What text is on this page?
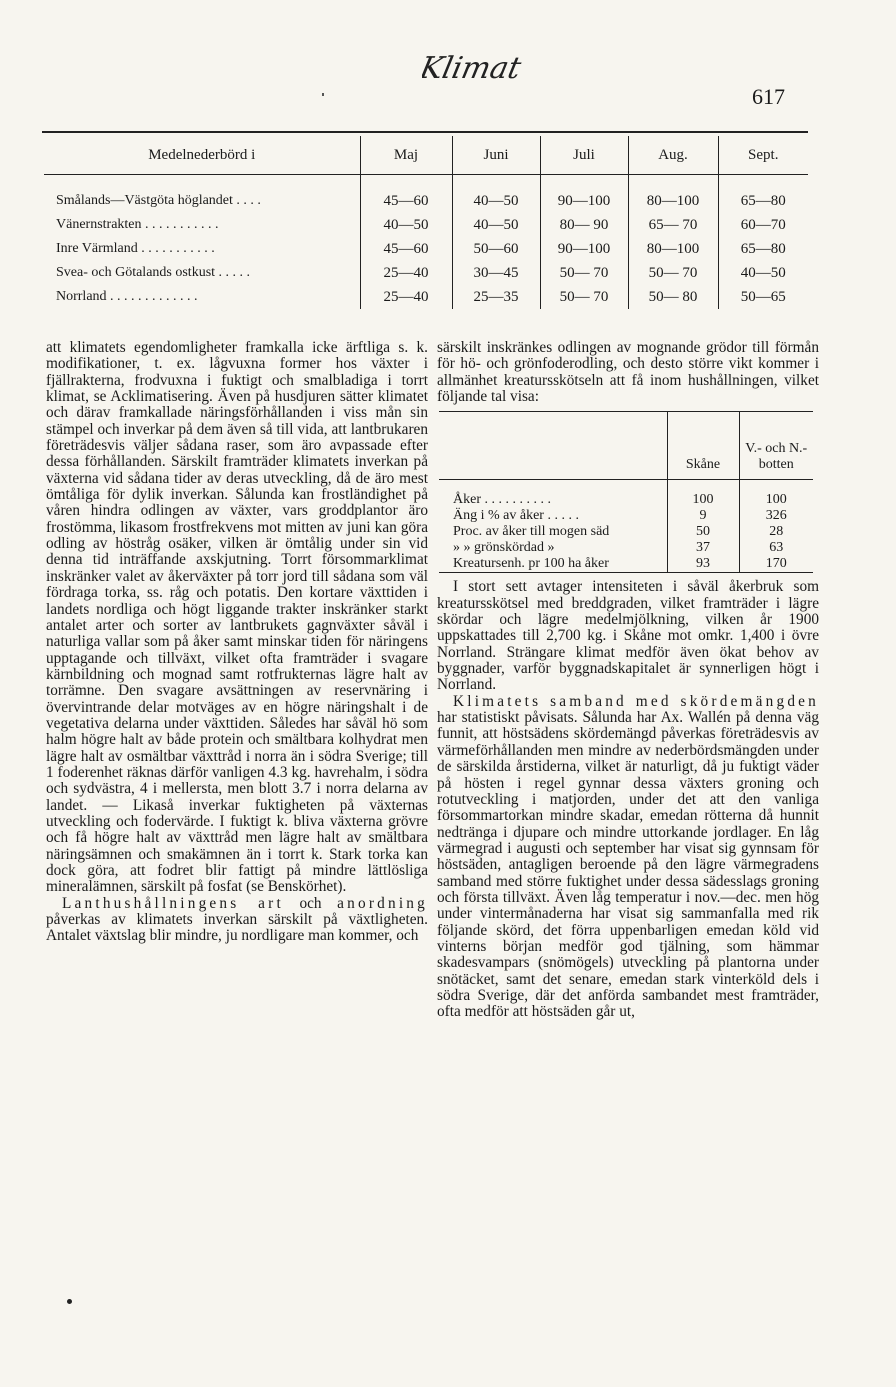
Klimat
617
Medelnederbörd i	Maj	Juni	Juli	Aug.	Sept.
Smålands—Västgöta höglandet . . . .	45—60	40—50	90—100	80—100	65—80
Vänernstrakten . . . . . . . . . . .	40—50	40—50	80— 90	65— 70	60—70
Inre Värmland . . . . . . . . . . .	45—60	50—60	90—100	80—100	65—80
Svea- och Götalands ostkust . . . . .	25—40	30—45	50— 70	50— 70	40—50
Norrland . . . . . . . . . . . . .	25—40	25—35	50— 70	50— 80	50—65

att klimatets egendomligheter framkalla icke ärftliga s. k. modifikationer, t. ex. lågvuxna former hos växter i fjällrakterna, frodvuxna i fuktigt och smalbladiga i torrt klimat, se Acklimatisering. Även på husdjuren sätter klimatet och därav framkallade näringsförhållanden i viss mån sin stämpel och inverkar på dem även så till vida, att lantbrukaren företrädesvis väljer sådana raser, som äro avpassade efter dessa förhållanden. Särskilt framträder klimatets inverkan på växterna vid sådana tider av deras utveckling, då de äro mest ömtåliga för dylik inverkan. Sålunda kan frostländighet på våren hindra odlingen av växter, vars groddplantor äro frostömma, likasom frostfrekvens mot mitten av juni kan göra odling av höstråg osäker, vilken är ömtålig under sin vid denna tid inträffande axskjutning. Torrt försommarklimat inskränker valet av åkerväxter på torr jord till sådana som väl fördraga torka, ss. råg och potatis. Den kortare växttiden i landets nordliga och högt liggande trakter inskränker starkt antalet arter och sorter av lantbrukets gagnväxter såväl i naturliga vallar som på åker samt minskar tiden för näringens upptagande och tillväxt, vilket ofta framträder i svagare kärnbildning och mognad samt rotfrukternas lägre halt av torrämne. Den svagare avsättningen av reservnäring i övervintrande delar motväges av en högre näringshalt i de vegetativa delarna under växttiden. Således har såväl hö som halm högre halt av både protein och smältbara kolhydrat men lägre halt av osmältbar växttråd i norra än i södra Sverige; till 1 foderenhet räknas därför vanligen 4.3 kg. havrehalm, i södra och sydvästra, 4 i mellersta, men blott 3.7 i norra delarna av landet. — Likaså inverkar fuktigheten på växternas utveckling och fodervärde. I fuktigt k. bliva växterna grövre och få högre halt av växttråd men lägre halt av smältbara näringsämnen och smakämnen än i torrt k. Stark torka kan dock göra, att fodret blir fattigt på mindre lättlösliga mineralämnen, särskilt på fosfat (se Benskörhet).

Lanthushållningens art och anordning påverkas av klimatets inverkan särskilt på växtligheten. Antalet växtslag blir mindre, ju nordligare man kommer, och

särskilt inskränkes odlingen av mognande grödor till förmån för hö- och grönfoderodling, och desto större vikt kommer i allmänhet kreatursskötseln att få inom hushållningen, vilket följande tal visa:

	Skåne	V.- och N.-botten
Åker . . . . . . . . . .	100	100
Äng i % av åker . . . . .	9	326
Proc. av åker till mogen säd	50	28
» » grönskördad »	37	63
Kreatursenh. pr 100 ha åker	93	170

I stort sett avtager intensiteten i såväl åkerbruk som kreatursskötsel med breddgraden, vilket framträder i lägre skördar och lägre medelmjölkning, vilken år 1900 uppskattades till 2,700 kg. i Skåne mot omkr. 1,400 i övre Norrland. Strängare klimat medför även ökat behov av byggnader, varför byggnadskapitalet är synnerligen högt i Norrland.

Klimatets samband med skördemängden har statistiskt påvisats. Sålunda har Ax. Wallén på denna väg funnit, att höstsädens skördemängd påverkas företrädesvis av värmeförhållanden men mindre av nederbördsmängden under de särskilda årstiderna, vilket är naturligt, då ju fuktigt väder på hösten i regel gynnar dessa växters groning och rotutveckling i matjorden, under det att den vanliga försommartorkan mindre skadar, emedan rötterna då hunnit nedtränga i djupare och mindre uttorkande jordlager. En låg värmegrad i augusti och september har visat sig gynnsam för höstsäden, antagligen beroende på den lägre värmegradens samband med större fuktighet under dessa sädesslags groning och första tillväxt. Även låg temperatur i nov.—dec. men hög under vintermånaderna har visat sig sammanfalla med rik följande skörd, det förra uppenbarligen emedan köld vid vinterns början medför god tjälning, som hämmar skadesvampars (snömögels) utveckling på plantorna under snötäcket, samt det senare, emedan stark vinterköld dels i södra Sverige, där det anförda sambandet mest framträder, ofta medför att höstsäden går ut,
